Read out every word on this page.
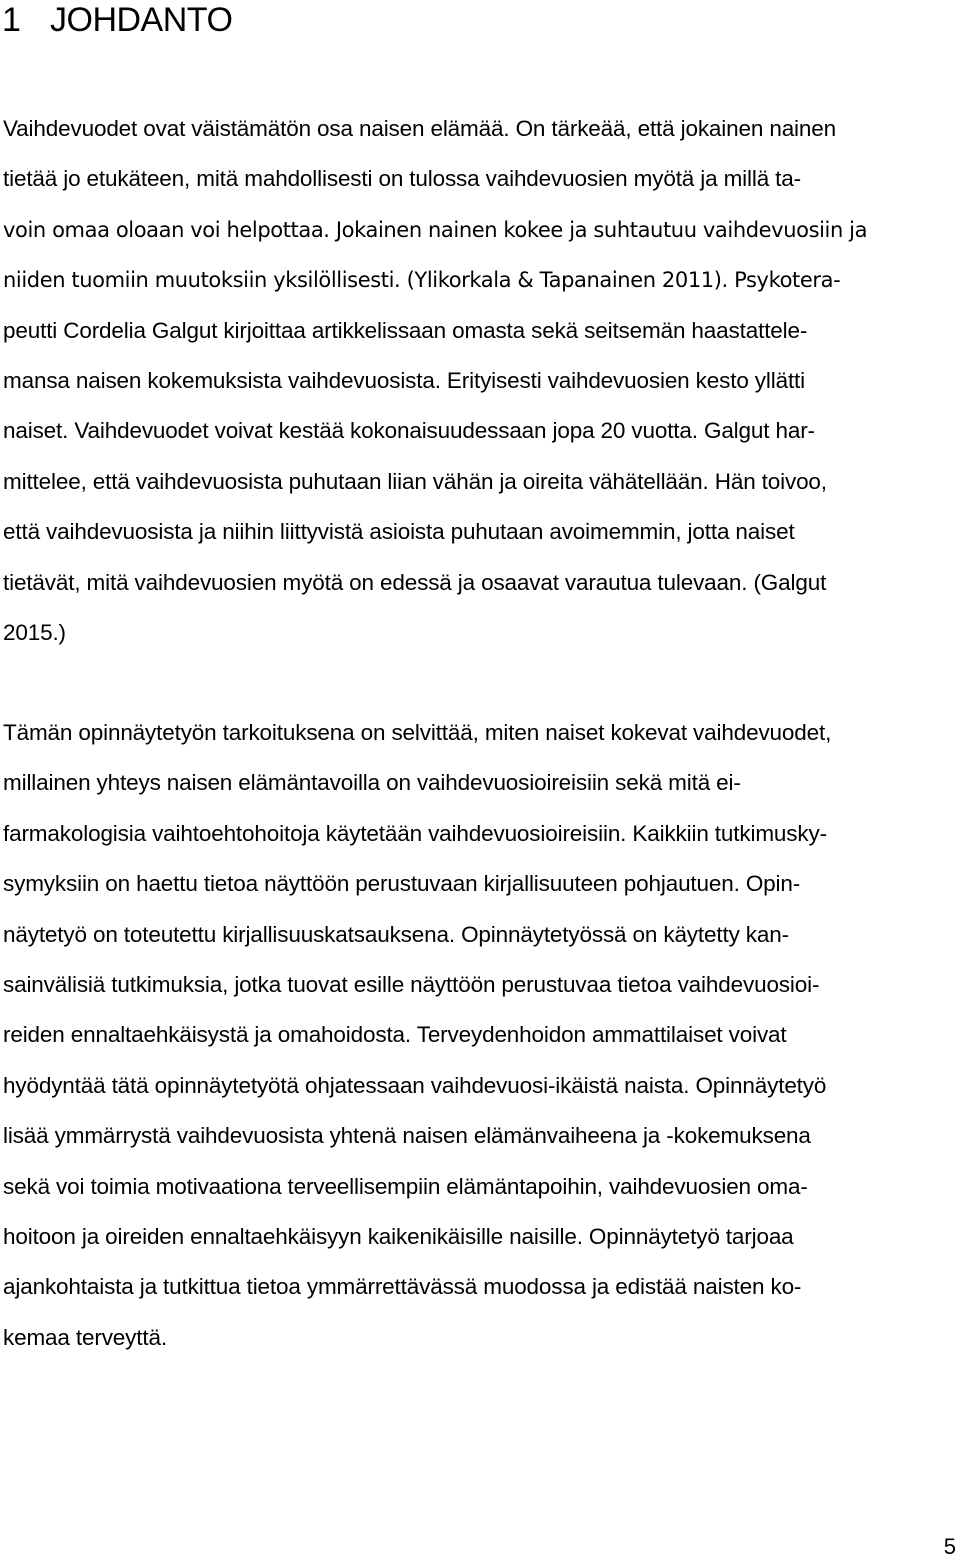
1 JOHDANTO
Vaihdevuodet ovat väistämätön osa naisen elämää. On tärkeää, että jokainen nainen
tietää jo etukäteen, mitä mahdollisesti on tulossa vaihdevuosien myötä ja millä ta-
voin omaa oloaan voi helpottaa. Jokainen nainen kokee ja suhtautuu vaihdevuosiin ja
niiden tuomiin muutoksiin yksilöllisesti. (Ylikorkala & Tapanainen 2011). Psykotera-
peutti Cordelia Galgut kirjoittaa artikkelissaan omasta sekä seitsemän haastattele-
mansa naisen kokemuksista vaihdevuosista. Erityisesti vaihdevuosien kesto yllätti
naiset. Vaihdevuodet voivat kestää kokonaisuudessaan jopa 20 vuotta. Galgut har-
mittelee, että vaihdevuosista puhutaan liian vähän ja oireita vähätellään. Hän toivoo,
että vaihdevuosista ja niihin liittyvistä asioista puhutaan avoimemmin, jotta naiset
tietävät, mitä vaihdevuosien myötä on edessä ja osaavat varautua tulevaan. (Galgut
2015.)
Tämän opinnäytetyön tarkoituksena on selvittää, miten naiset kokevat vaihdevuodet,
millainen yhteys naisen elämäntavoilla on vaihdevuosioireisiin sekä mitä ei-
farmakologisia vaihtoehtohoitoja käytetään vaihdevuosioireisiin. Kaikkiin tutkimusky-
symyksiin on haettu tietoa näyttöön perustuvaan kirjallisuuteen pohjautuen. Opin-
näytetyö on toteutettu kirjallisuuskatsauksena. Opinnäytetyössä on käytetty kan-
sainvälisiä tutkimuksia, jotka tuovat esille näyttöön perustuvaa tietoa vaihdevuosioi-
reiden ennaltaehkäisystä ja omahoidosta. Terveydenhoidon ammattilaiset voivat
hyödyntää tätä opinnäytetyötä ohjatessaan vaihdevuosi-ikäistä naista. Opinnäytetyö
lisää ymmärrystä vaihdevuosista yhtenä naisen elämänvaiheena ja -kokemuksena
sekä voi toimia motivaationa terveellisempiin elämäntapoihin, vaihdevuosien oma-
hoitoon ja oireiden ennaltaehkäisyyn kaikenikäisille naisille. Opinnäytetyö tarjoaa
ajankohtaista ja tutkittua tietoa ymmärrettävässä muodossa ja edistää naisten ko-
kemaa terveyttä.

5
